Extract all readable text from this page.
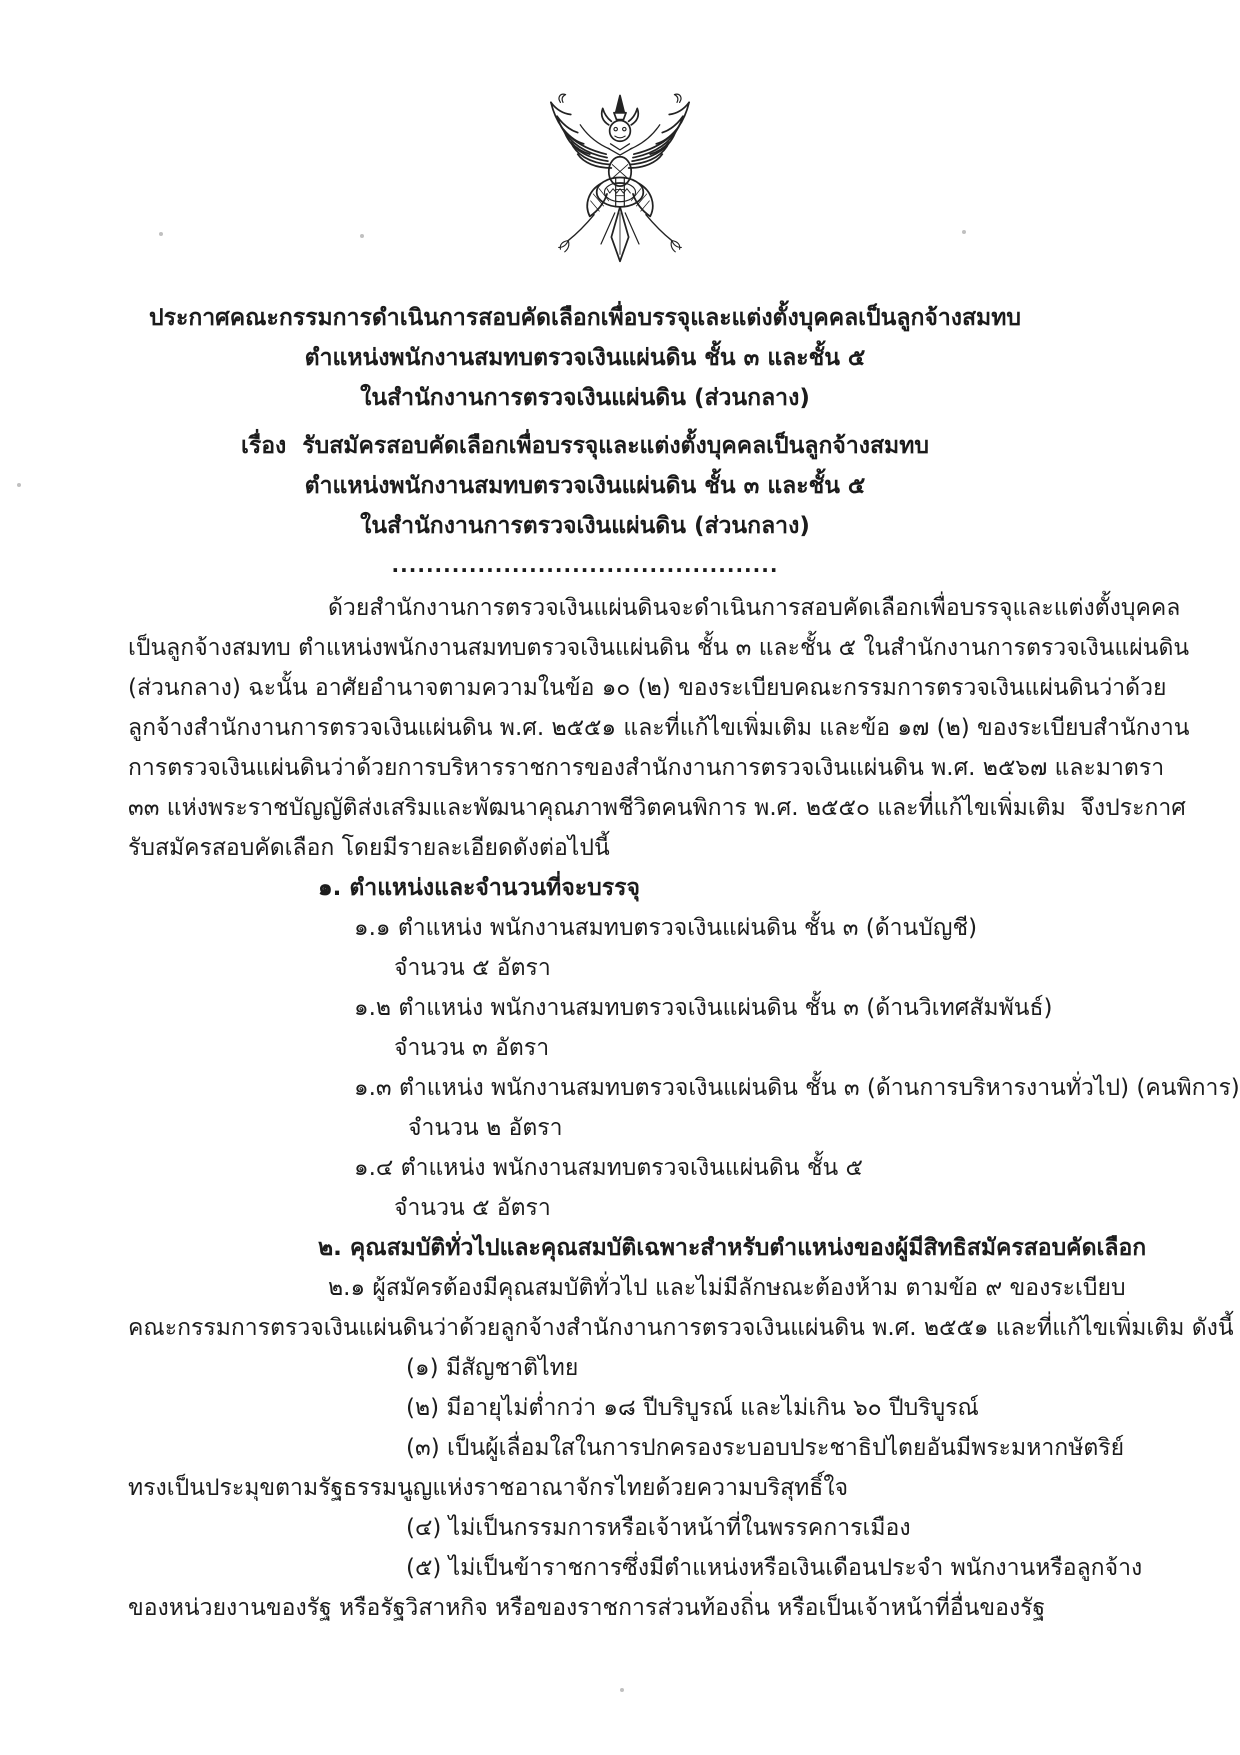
ประกาศคณะกรรมการดำเนินการสอบคัดเลือกเพื่อบรรจุและแต่งตั้งบุคคลเป็นลูกจ้างสมทบ
ตำแหน่งพนักงานสมทบตรวจเงินแผ่นดิน ชั้น ๓ และชั้น ๕
ในสำนักงานการตรวจเงินแผ่นดิน (ส่วนกลาง)
เรื่อง  รับสมัครสอบคัดเลือกเพื่อบรรจุและแต่งตั้งบุคคลเป็นลูกจ้างสมทบ
ตำแหน่งพนักงานสมทบตรวจเงินแผ่นดิน ชั้น ๓ และชั้น ๕
ในสำนักงานการตรวจเงินแผ่นดิน (ส่วนกลาง)
.............................................
ด้วยสำนักงานการตรวจเงินแผ่นดินจะดำเนินการสอบคัดเลือกเพื่อบรรจุและแต่งตั้งบุคคล
เป็นลูกจ้างสมทบ ตำแหน่งพนักงานสมทบตรวจเงินแผ่นดิน ชั้น ๓ และชั้น ๕ ในสำนักงานการตรวจเงินแผ่นดิน
(ส่วนกลาง) ฉะนั้น อาศัยอำนาจตามความในข้อ ๑๐ (๒) ของระเบียบคณะกรรมการตรวจเงินแผ่นดินว่าด้วย
ลูกจ้างสำนักงานการตรวจเงินแผ่นดิน พ.ศ. ๒๕๕๑ และที่แก้ไขเพิ่มเติม และข้อ ๑๗ (๒) ของระเบียบสำนักงาน
การตรวจเงินแผ่นดินว่าด้วยการบริหารราชการของสำนักงานการตรวจเงินแผ่นดิน พ.ศ. ๒๕๖๗ และมาตรา
๓๓ แห่งพระราชบัญญัติส่งเสริมและพัฒนาคุณภาพชีวิตคนพิการ พ.ศ. ๒๕๕๐ และที่แก้ไขเพิ่มเติม  จึงประกาศ
รับสมัครสอบคัดเลือก โดยมีรายละเอียดดังต่อไปนี้
๑. ตำแหน่งและจำนวนที่จะบรรจุ
๑.๑ ตำแหน่ง พนักงานสมทบตรวจเงินแผ่นดิน ชั้น ๓ (ด้านบัญชี)
จำนวน ๕ อัตรา
๑.๒ ตำแหน่ง พนักงานสมทบตรวจเงินแผ่นดิน ชั้น ๓ (ด้านวิเทศสัมพันธ์)
จำนวน ๓ อัตรา
๑.๓ ตำแหน่ง พนักงานสมทบตรวจเงินแผ่นดิน ชั้น ๓ (ด้านการบริหารงานทั่วไป) (คนพิการ)
จำนวน ๒ อัตรา
๑.๔ ตำแหน่ง พนักงานสมทบตรวจเงินแผ่นดิน ชั้น ๕
จำนวน ๕ อัตรา
๒. คุณสมบัติทั่วไปและคุณสมบัติเฉพาะสำหรับตำแหน่งของผู้มีสิทธิสมัครสอบคัดเลือก
๒.๑ ผู้สมัครต้องมีคุณสมบัติทั่วไป และไม่มีลักษณะต้องห้าม ตามข้อ ๙ ของระเบียบ
คณะกรรมการตรวจเงินแผ่นดินว่าด้วยลูกจ้างสำนักงานการตรวจเงินแผ่นดิน พ.ศ. ๒๕๕๑ และที่แก้ไขเพิ่มเติม ดังนี้
(๑) มีสัญชาติไทย
(๒) มีอายุไม่ต่ำกว่า ๑๘ ปีบริบูรณ์ และไม่เกิน ๖๐ ปีบริบูรณ์
(๓) เป็นผู้เลื่อมใสในการปกครองระบอบประชาธิปไตยอันมีพระมหากษัตริย์
ทรงเป็นประมุขตามรัฐธรรมนูญแห่งราชอาณาจักรไทยด้วยความบริสุทธิ์ใจ
(๔) ไม่เป็นกรรมการหรือเจ้าหน้าที่ในพรรคการเมือง
(๕) ไม่เป็นข้าราชการซึ่งมีตำแหน่งหรือเงินเดือนประจำ พนักงานหรือลูกจ้าง
ของหน่วยงานของรัฐ หรือรัฐวิสาหกิจ หรือของราชการส่วนท้องถิ่น หรือเป็นเจ้าหน้าที่อื่นของรัฐ
